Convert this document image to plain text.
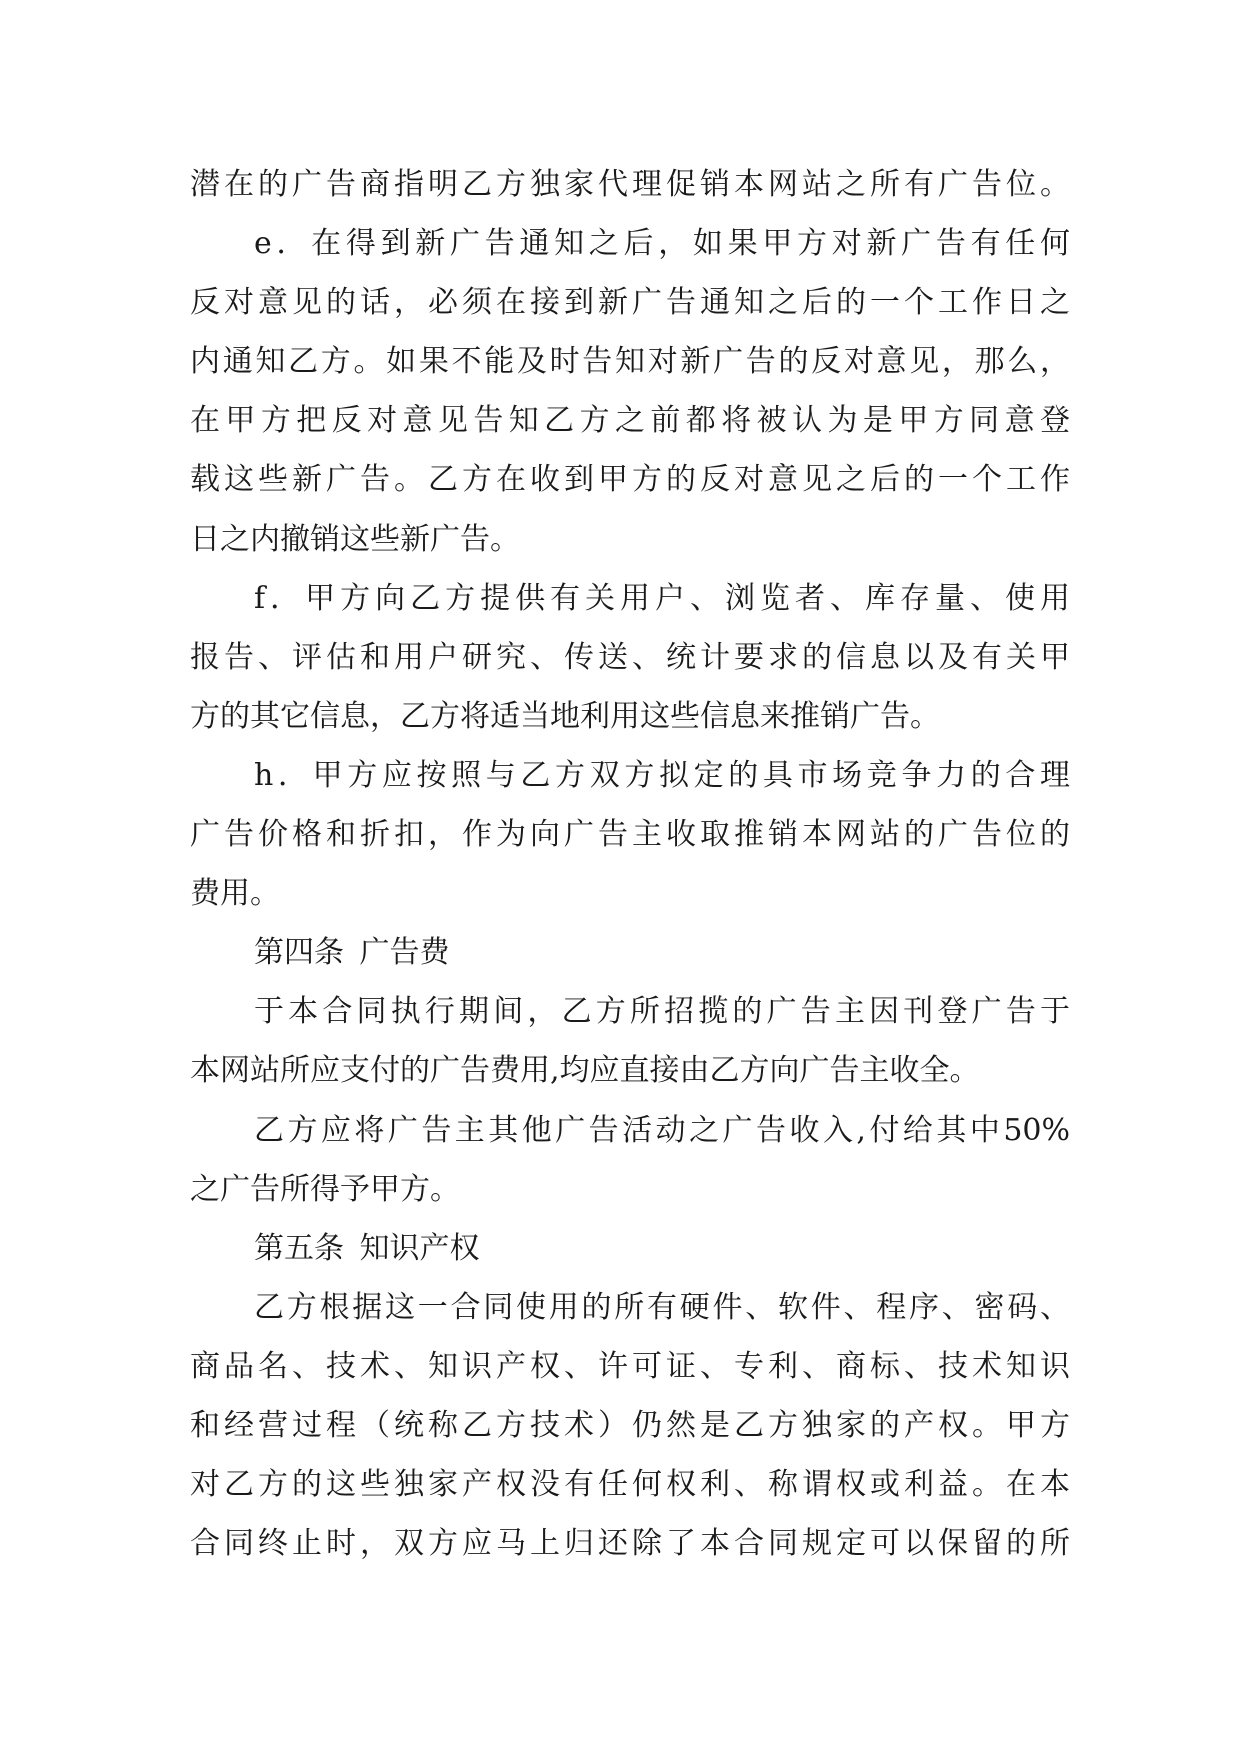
潜在的广告商指明乙方独家代理促销本网站之所有广告位。
e．在得到新广告通知之后，如果甲方对新广告有任何
反对意见的话，必须在接到新广告通知之后的一个工作日之
内通知乙方。如果不能及时告知对新广告的反对意见，那么，
在甲方把反对意见告知乙方之前都将被认为是甲方同意登
载这些新广告。乙方在收到甲方的反对意见之后的一个工作
日之内撤销这些新广告。
f．甲方向乙方提供有关用户、浏览者、库存量、使用
报告、评估和用户研究、传送、统计要求的信息以及有关甲
方的其它信息，乙方将适当地利用这些信息来推销广告。
h．甲方应按照与乙方双方拟定的具市场竞争力的合理
广告价格和折扣，作为向广告主收取推销本网站的广告位的
费用。
第四条 广告费
于本合同执行期间，乙方所招揽的广告主因刊登广告于
本网站所应支付的广告费用,均应直接由乙方向广告主收全。
乙方应将广告主其他广告活动之广告收入,付给其中50%
之广告所得予甲方。
第五条 知识产权
乙方根据这一合同使用的所有硬件、软件、程序、密码、
商品名、技术、知识产权、许可证、专利、商标、技术知识
和经营过程（统称乙方技术）仍然是乙方独家的产权。甲方
对乙方的这些独家产权没有任何权利、称谓权或利益。在本
合同终止时，双方应马上归还除了本合同规定可以保留的所
